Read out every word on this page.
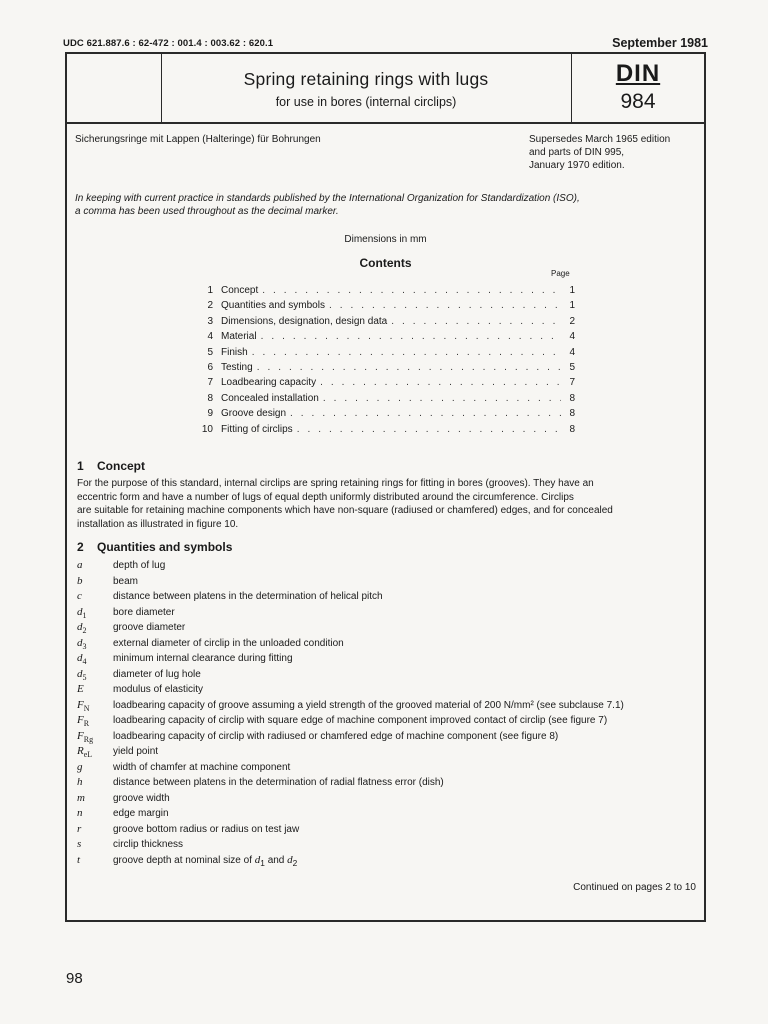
UDC 621.887.6 : 62-472 : 001.4 : 003.62 : 620.1	September 1981
Spring retaining rings with lugs
for use in bores (internal circlips)
DIN
984
Sicherungsringe mit Lappen (Halteringe) für Bohrungen	Supersedes March 1965 edition
and parts of DIN 995,
January 1970 edition.
In keeping with current practice in standards published by the International Organization for Standardization (ISO),
a comma has been used throughout as the decimal marker.
Dimensions in mm
Contents
Page
1 Concept . . .	1
2 Quantities and symbols . . .	1
3 Dimensions, designation, design data . . .	2
4 Material . . .	4
5 Finish . . .	4
6 Testing . . .	5
7 Loadbearing capacity . . .	7
8 Concealed installation . . .	8
9 Groove design . . .	8
10 Fitting of circlips . . .	8
1 Concept
For the purpose of this standard, internal circlips are spring retaining rings for fitting in bores (grooves). They have an
eccentric form and have a number of lugs of equal depth uniformly distributed around the circumference. Circlips
are suitable for retaining machine components which have non-square (radiused or chamfered) edges, and for concealed
installation as illustrated in figure 10.
2 Quantities and symbols
a	depth of lug
b	beam
c	distance between platens in the determination of helical pitch
$d_1$	bore diameter
$d_2$	groove diameter
$d_3$	external diameter of circlip in the unloaded condition
$d_4$	minimum internal clearance during fitting
$d_5$	diameter of lug hole
E	modulus of elasticity
$F_N$	loadbearing capacity of groove assuming a yield strength of the grooved material of 200 N/mm² (see subclause 7.1)
$F_R$	loadbearing capacity of circlip with square edge of machine component improved contact of circlip (see figure 7)
$F_{Rg}$	loadbearing capacity of circlip with radiused or chamfered edge of machine component (see figure 8)
$R_{eL}$	yield point
g	width of chamfer at machine component
h	distance between platens in the determination of radial flatness error (dish)
m	groove width
n	edge margin
r	groove bottom radius or radius on test jaw
s	circlip thickness
t	groove depth at nominal size of $d_1$ and $d_2$
Continued on pages 2 to 10
98
